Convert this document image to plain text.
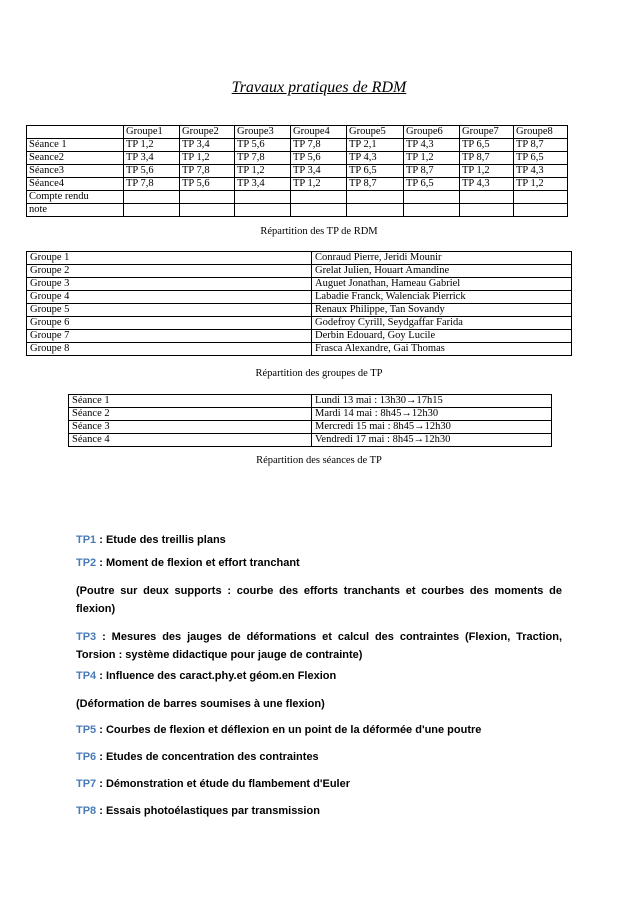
Travaux pratiques de RDM
	Groupe1	Groupe2	Groupe3	Groupe4	Groupe5	Groupe6	Groupe7	Groupe8
Séance 1	TP 1,2	TP 3,4	TP 5,6	TP 7,8	TP 2,1	TP 4,3	TP 6,5	TP 8,7
Seance2	TP 3,4	TP 1,2	TP 7,8	TP 5,6	TP 4,3	TP 1,2	TP 8,7	TP 6,5
Séance3	TP 5,6	TP 7,8	TP 1,2	TP 3,4	TP 6,5	TP 8,7	TP 1,2	TP 4,3
Séance4	TP 7,8	TP 5,6	TP 3,4	TP 1,2	TP 8,7	TP 6,5	TP 4,3	TP 1,2
Compte rendu								
note								
Répartition des TP de RDM
Groupe 1	Conraud Pierre, Jeridi Mounir
Groupe 2	Grelat Julien, Houart Amandine
Groupe 3	Auguet Jonathan, Hameau Gabriel
Groupe 4	Labadie Franck, Walenciak Pierrick
Groupe 5	Renaux Philippe, Tan Sovandy
Groupe 6	Godefroy Cyrill, Seydgaffar Farida
Groupe 7	Derbin Edouard, Goy Lucile
Groupe 8	Frasca Alexandre, Gai Thomas
Répartition des groupes de TP
Séance 1	Lundi 13 mai : 13h30→17h15
Séance 2	Mardi 14 mai : 8h45→12h30
Séance 3	Mercredi 15 mai : 8h45→12h30
Séance 4	Vendredi 17 mai : 8h45→12h30
Répartition des séances de TP
TP1 : Etude des treillis plans
TP2 : Moment de flexion et effort tranchant
(Poutre sur deux supports : courbe des efforts tranchants et courbes des moments de flexion)
TP3 : Mesures des jauges de déformations et calcul des contraintes (Flexion, Traction, Torsion : système didactique pour jauge de contrainte)
TP4 : Influence des caract.phy.et géom.en Flexion
(Déformation de barres soumises à une flexion)
TP5 : Courbes de flexion et déflexion en un point de la déformée d'une poutre
TP6 : Etudes de concentration des contraintes
TP7 : Démonstration et étude du flambement d'Euler
TP8 : Essais photoélastiques par transmission
